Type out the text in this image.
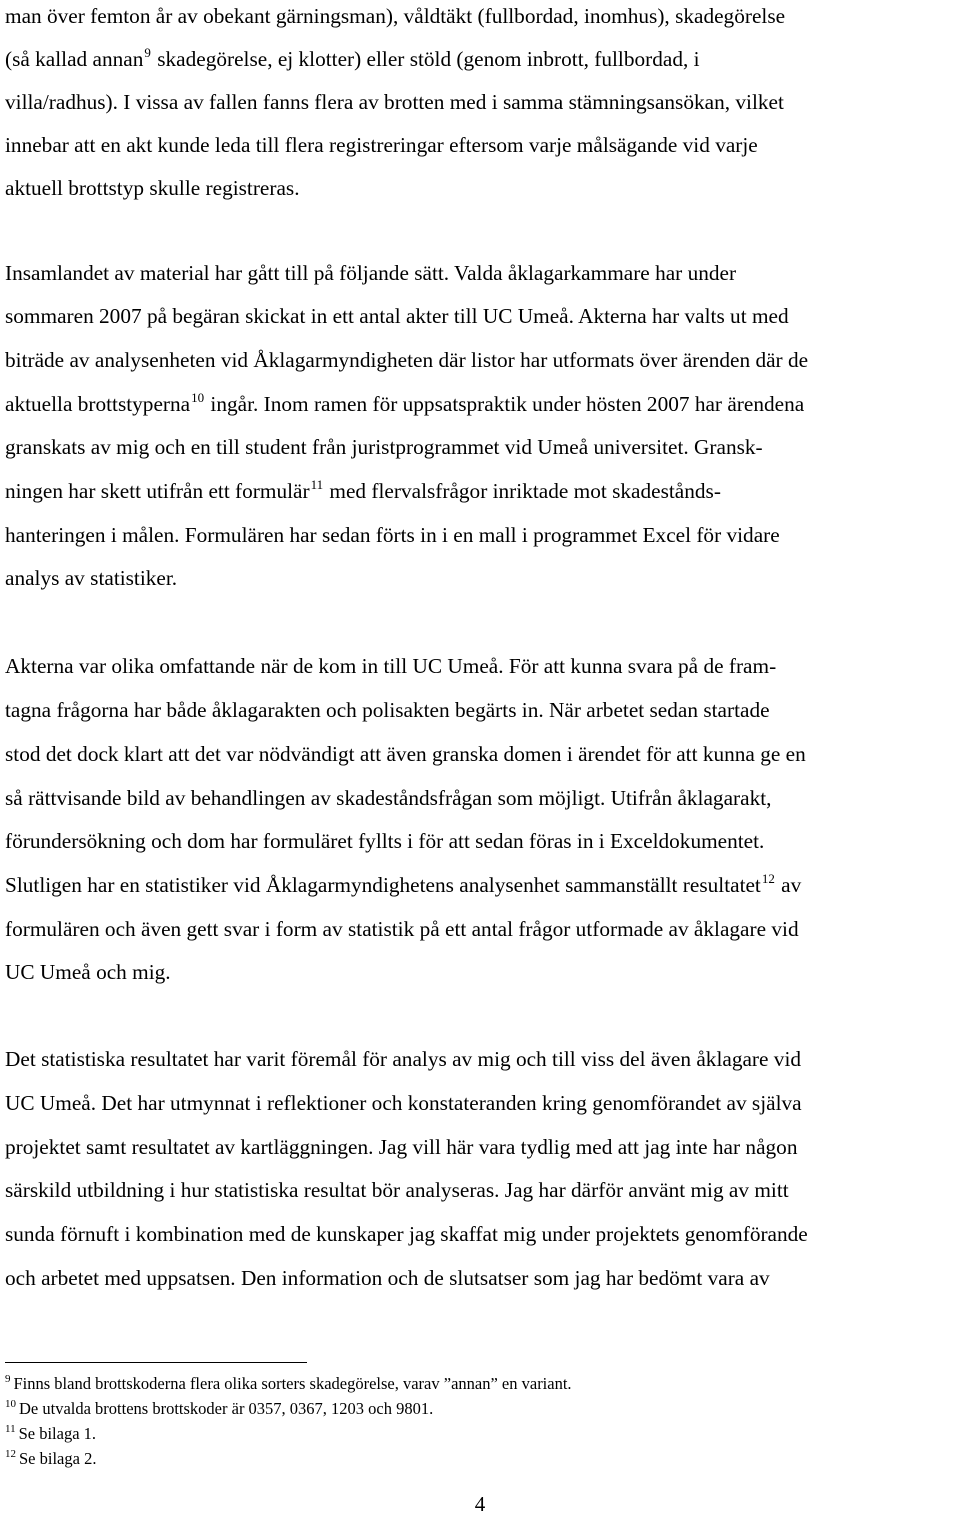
man över femton år av obekant gärningsman), våldtäkt (fullbordad, inomhus), skadegörelse
(så kallad annan$^9$ skadegörelse, ej klotter) eller stöld (genom inbrott, fullbordad, i
villa/radhus). I vissa av fallen fanns flera av brotten med i samma stämningsansökan, vilket
innebar att en akt kunde leda till flera registreringar eftersom varje målsägande vid varje
aktuell brottstyp skulle registreras.
Insamlandet av material har gått till på följande sätt. Valda åklagarkammare har under
sommaren 2007 på begäran skickat in ett antal akter till UC Umeå. Akterna har valts ut med
biträde av analysenheten vid Åklagarmyndigheten där listor har utformats över ärenden där de
aktuella brottstyperna$^{10}$ ingår. Inom ramen för uppsatspraktik under hösten 2007 har ärendena
granskats av mig och en till student från juristprogrammet vid Umeå universitet. Gransk-
ningen har skett utifrån ett formulär$^{11}$ med flervalsfrågor inriktade mot skadestånds-
hanteringen i målen. Formulären har sedan förts in i en mall i programmet Excel för vidare
analys av statistiker.
Akterna var olika omfattande när de kom in till UC Umeå. För att kunna svara på de fram-
tagna frågorna har både åklagarakten och polisakten begärts in. När arbetet sedan startade
stod det dock klart att det var nödvändigt att även granska domen i ärendet för att kunna ge en
så rättvisande bild av behandlingen av skadeståndsfrågan som möjligt. Utifrån åklagarakt,
förundersökning och dom har formuläret fyllts i för att sedan föras in i Exceldokumentet.
Slutligen har en statistiker vid Åklagarmyndighetens analysenhet sammanställt resultatet$^{12}$ av
formulären och även gett svar i form av statistik på ett antal frågor utformade av åklagare vid
UC Umeå och mig.
Det statistiska resultatet har varit föremål för analys av mig och till viss del även åklagare vid
UC Umeå. Det har utmynnat i reflektioner och konstateranden kring genomförandet av själva
projektet samt resultatet av kartläggningen. Jag vill här vara tydlig med att jag inte har någon
särskild utbildning i hur statistiska resultat bör analyseras. Jag har därför använt mig av mitt
sunda förnuft i kombination med de kunskaper jag skaffat mig under projektets genomförande
och arbetet med uppsatsen. Den information och de slutsatser som jag har bedömt vara av
$^9$ Finns bland brottskoderna flera olika sorters skadegörelse, varav ”annan” en variant.
$^{10}$ De utvalda brottens brottskoder är 0357, 0367, 1203 och 9801.
$^{11}$ Se bilaga 1.
$^{12}$ Se bilaga 2.
4
